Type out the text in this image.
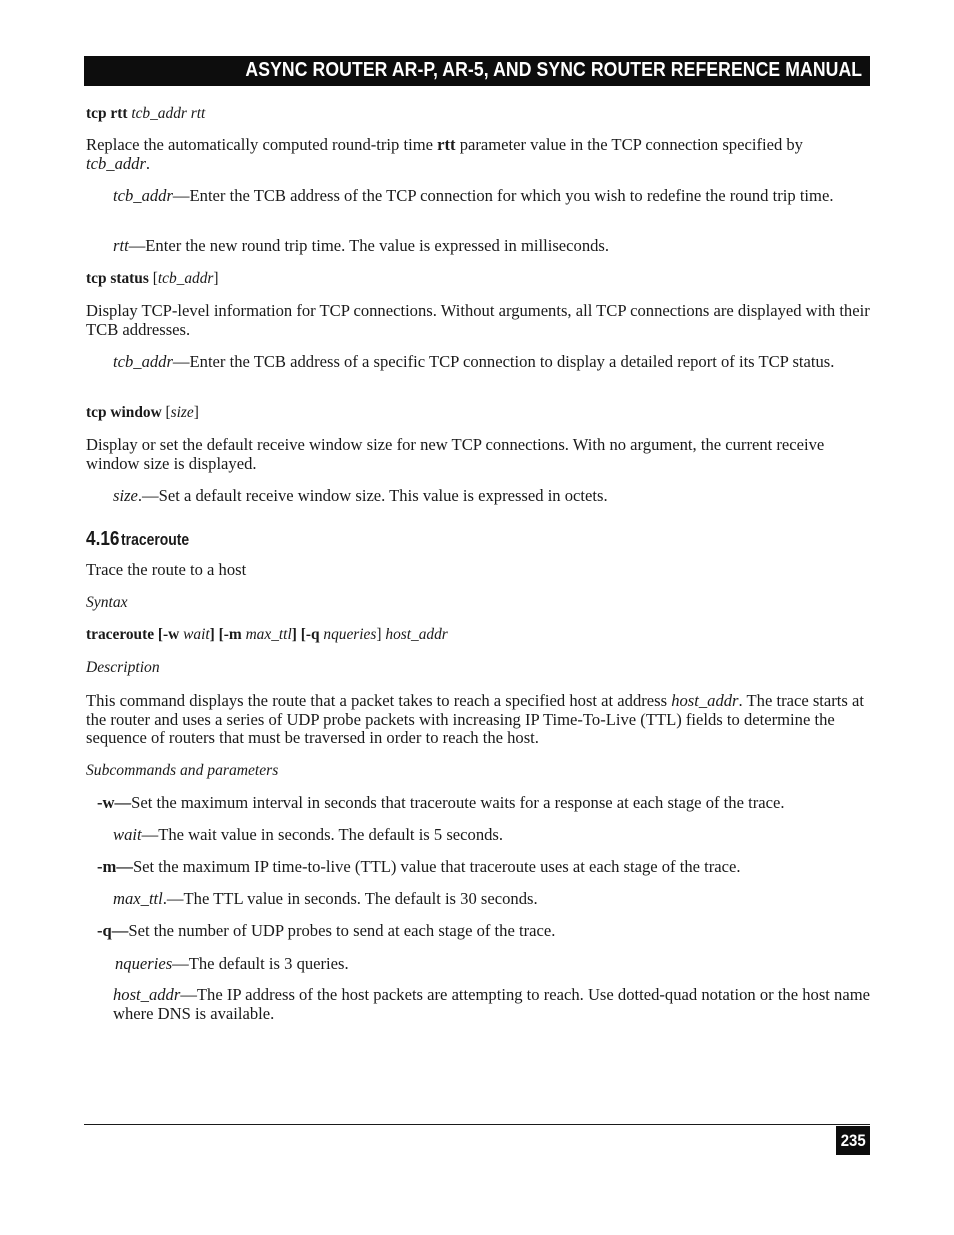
ASYNC ROUTER AR-P, AR-5, AND SYNC ROUTER REFERENCE MANUAL

tcp rtt tcb_addr rtt

Replace the automatically computed round-trip time rtt parameter value in the TCP connection specified by tcb_addr.

tcb_addr—Enter the TCB address of the TCP connection for which you wish to redefine the round trip time.

rtt—Enter the new round trip time. The value is expressed in milliseconds.

tcp status [tcb_addr]

Display TCP-level information for TCP connections. Without arguments, all TCP connections are displayed with their TCB addresses.

tcb_addr—Enter the TCB address of a specific TCP connection to display a detailed report of its TCP status.

tcp window [size]

Display or set the default receive window size for new TCP connections. With no argument, the current receive window size is displayed.

size.—Set a default receive window size. This value is expressed in octets.

4.16traceroute

Trace the route to a host

Syntax

traceroute [-w wait] [-m max_ttl] [-q nqueries] host_addr

Description

This command displays the route that a packet takes to reach a specified host at address host_addr. The trace starts at the router and uses a series of UDP probe packets with increasing IP Time-To-Live (TTL) fields to determine the sequence of routers that must be traversed in order to reach the host.

Subcommands and parameters

-w—Set the maximum interval in seconds that traceroute waits for a response at each stage of the trace.

wait—The wait value in seconds. The default is 5 seconds.

-m—Set the maximum IP time-to-live (TTL) value that traceroute uses at each stage of the trace.

max_ttl.—The TTL value in seconds. The default is 30 seconds.

-q—Set the number of UDP probes to send at each stage of the trace.

nqueries—The default is 3 queries.

host_addr—The IP address of the host packets are attempting to reach. Use dotted-quad notation or the host name where DNS is available.

235
